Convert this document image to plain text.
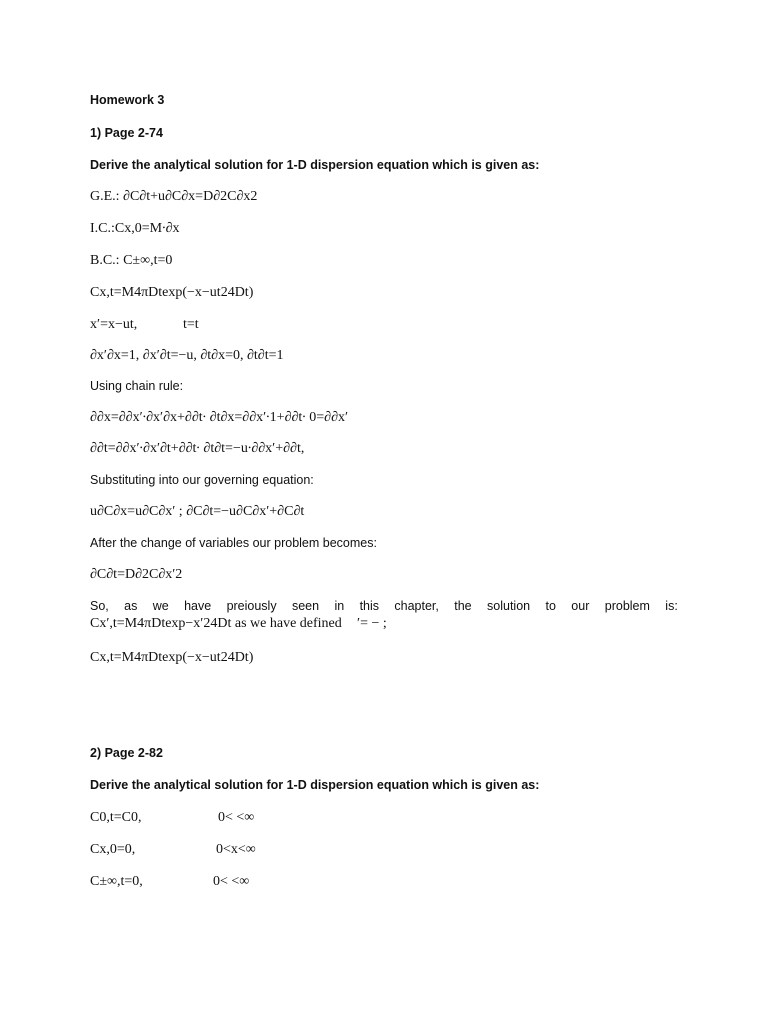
Homework 3
1) Page 2-74
Derive the analytical solution for 1-D dispersion equation which is given as:
G.E.: ∂C∂t+u∂C∂x=D∂2C∂x2
I.C.:Cx,0=M∙∂x
B.C.: C±∞,t=0
Cx,t=M4πDtexp(−x−ut24Dt)
x′=x−ut,	t=t
∂x′∂x=1, ∂x′∂t=−u, ∂t∂x=0, ∂t∂t=1
Using chain rule:
∂∂x=∂∂x′∙∂x′∂x+∂∂t∙ ∂t∂x=∂∂x′∙1+∂∂t∙ 0=∂∂x′
∂∂t=∂∂x′∙∂x′∂t+∂∂t∙ ∂t∂t=−u∙∂∂x′+∂∂t,
Substituting into our governing equation:
u∂C∂x=u∂C∂x′ ; ∂C∂t=−u∂C∂x′+∂C∂t
After the change of variables our problem becomes:
∂C∂t=D∂2C∂x′2
So, as we have preiously seen in this chapter, the solution to our problem is:
Cx′,t=M4πDtexp−x′24Dt as we have defined ′= − ;
Cx,t=M4πDtexp(−x−ut24Dt)
2) Page 2-82
Derive the analytical solution for 1-D dispersion equation which is given as:
C0,t=C0,	0< <∞
Cx,0=0,	0<x<∞
C±∞,t=0,	0< <∞
